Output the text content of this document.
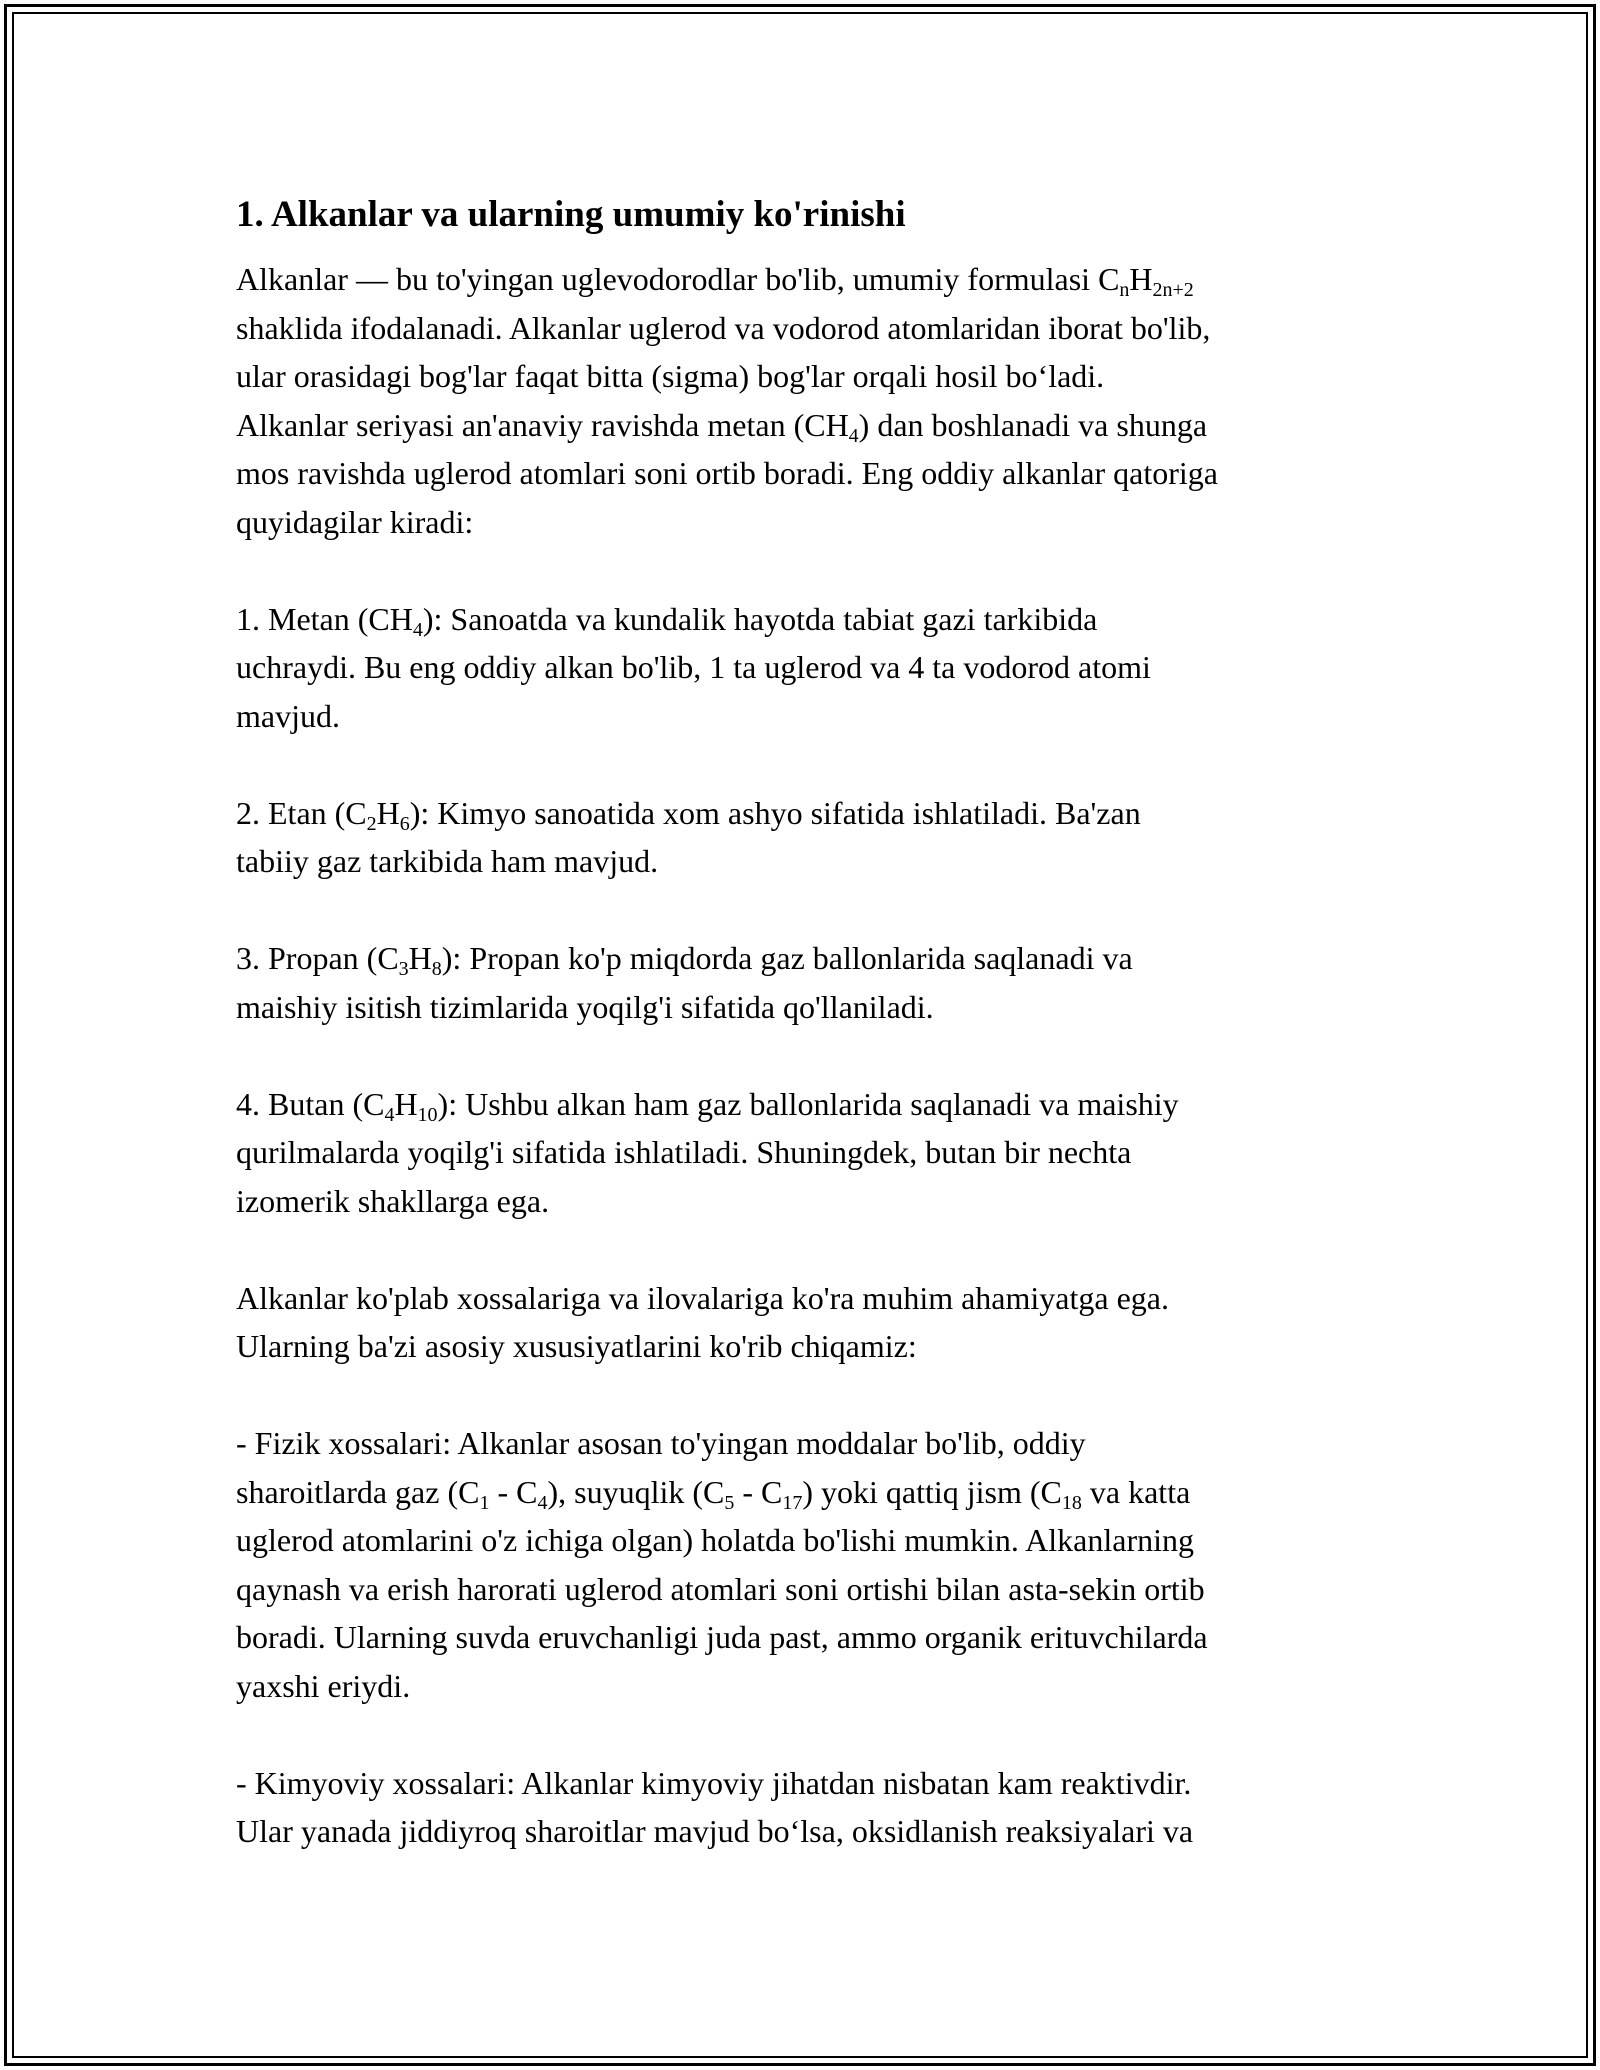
1. Alkanlar va ularning umumiy ko'rinishi

Alkanlar — bu to'yingan uglevodorodlar bo'lib, umumiy formulasi $C_nH_{2n+2}$
shaklida ifodalanadi. Alkanlar uglerod va vodorod atomlaridan iborat bo'lib,
ular orasidagi bog'lar faqat bitta (sigma) bog'lar orqali hosil bo‘ladi.
Alkanlar seriyasi an'anaviy ravishda metan $(CH_4)$ dan boshlanadi va shunga
mos ravishda uglerod atomlari soni ortib boradi. Eng oddiy alkanlar qatoriga
quyidagilar kiradi:

1. Metan $(CH_4)$: Sanoatda va kundalik hayotda tabiat gazi tarkibida
uchraydi. Bu eng oddiy alkan bo'lib, 1 ta uglerod va 4 ta vodorod atomi
mavjud.

2. Etan $(C_2H_6)$: Kimyo sanoatida xom ashyo sifatida ishlatiladi. Ba'zan
tabiiy gaz tarkibida ham mavjud.

3. Propan $(C_3H_8)$: Propan ko'p miqdorda gaz ballonlarida saqlanadi va
maishiy isitish tizimlarida yoqilg'i sifatida qo'llaniladi.

4. Butan $(C_4H_{10})$: Ushbu alkan ham gaz ballonlarida saqlanadi va maishiy
qurilmalarda yoqilg'i sifatida ishlatiladi. Shuningdek, butan bir nechta
izomerik shakllarga ega.

Alkanlar ko'plab xossalariga va ilovalariga ko'ra muhim ahamiyatga ega.
Ularning ba'zi asosiy xususiyatlarini ko'rib chiqamiz:

- Fizik xossalari: Alkanlar asosan to'yingan moddalar bo'lib, oddiy
sharoitlarda gaz $(C_1 - C_4)$, suyuqlik $(C_5 - C_{17})$ yoki qattiq jism ($C_{18}$ va katta
uglerod atomlarini o'z ichiga olgan) holatda bo'lishi mumkin. Alkanlarning
qaynash va erish harorati uglerod atomlari soni ortishi bilan asta-sekin ortib
boradi. Ularning suvda eruvchanligi juda past, ammo organik erituvchilarda
yaxshi eriydi.

- Kimyoviy xossalari: Alkanlar kimyoviy jihatdan nisbatan kam reaktivdir.
Ular yanada jiddiyroq sharoitlar mavjud bo‘lsa, oksidlanish reaksiyalari va
